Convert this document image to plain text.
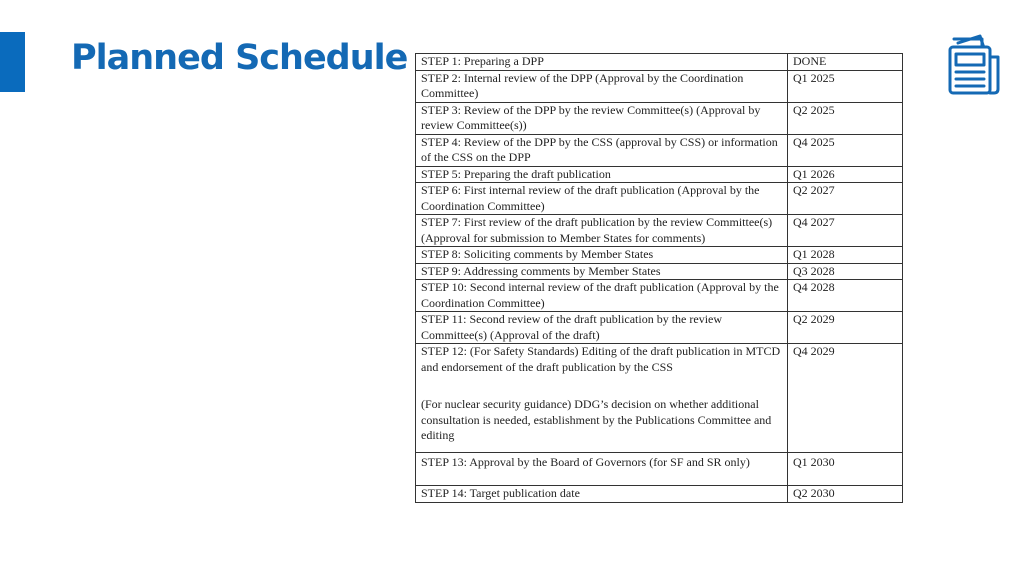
Planned Schedule STEP 1: Preparing a DPP	DONE
STEP 2: Internal review of the DPP (Approval by the Coordination Committee)	Q1 2025
STEP 3: Review of the DPP by the review Committee(s) (Approval by review Committee(s))	Q2 2025
STEP 4: Review of the DPP by the CSS (approval by CSS) or information of the CSS on the DPP	Q4 2025
STEP 5: Preparing the draft publication	Q1 2026
STEP 6: First internal review of the draft publication (Approval by the Coordination Committee)	Q2 2027
STEP 7: First review of the draft publication by the review Committee(s) (Approval for submission to Member States for comments)	Q4 2027
STEP 8: Soliciting comments by Member States	Q1 2028
STEP 9: Addressing comments by Member States	Q3 2028
STEP 10: Second internal review of the draft publication (Approval by the Coordination Committee)	Q4 2028
STEP 11: Second review of the draft publication by the review Committee(s) (Approval of the draft)	Q2 2029
STEP 12: (For Safety Standards) Editing of the draft publication in MTCD and endorsement of the draft publication by the CSS
(For nuclear security guidance) DDG’s decision on whether additional consultation is needed, establishment by the Publications Committee and editing	Q4 2029
STEP 13: Approval by the Board of Governors (for SF and SR only)	Q1 2030
STEP 14: Target publication date	Q2 2030
